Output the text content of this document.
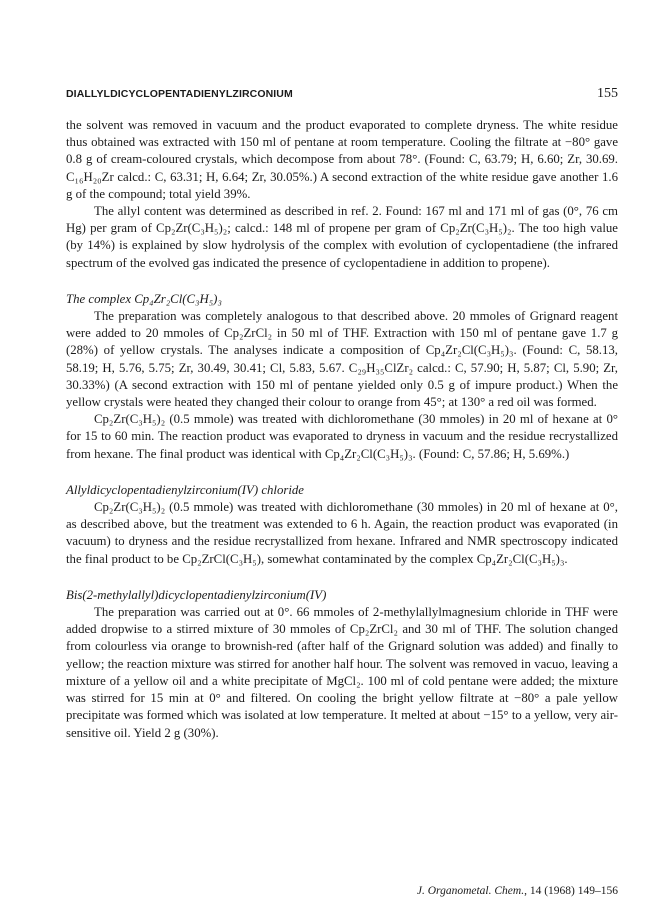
DIALLYLDICYCLOPENTADIENYLZIRCONIUM	155

the solvent was removed in vacuum and the product evaporated to complete dryness. The white residue thus obtained was extracted with 150 ml of pentane at room temperature. Cooling the filtrate at −80° gave 0.8 g of cream-coloured crystals, which decompose from about 78°. (Found: C, 63.79; H, 6.60; Zr, 30.69. C₁₆H₂₀Zr calcd.: C, 63.31; H, 6.64; Zr, 30.05%.) A second extraction of the white residue gave another 1.6 g of the compound; total yield 39%.

The allyl content was determined as described in ref. 2. Found: 167 ml and 171 ml of gas (0°, 76 cm Hg) per gram of Cp₂Zr(C₃H₅)₂; calcd.: 148 ml of propene per gram of Cp₂Zr(C₃H₅)₂. The too high value (by 14%) is explained by slow hydrolysis of the complex with evolution of cyclopentadiene (the infrared spectrum of the evolved gas indicated the presence of cyclopentadiene in addition to propene).

The complex Cp₄Zr₂Cl(C₃H₅)₃

The preparation was completely analogous to that described above. 20 mmoles of Grignard reagent were added to 20 mmoles of Cp₂ZrCl₂ in 50 ml of THF. Extraction with 150 ml of pentane gave 1.7 g (28%) of yellow crystals. The analyses indicate a composition of Cp₄Zr₂Cl(C₃H₅)₃. (Found: C, 58.13, 58.19; H, 5.76, 5.75; Zr, 30.49, 30.41; Cl, 5.83, 5.67. C₂₉H₃₅ClZr₂ calcd.: C, 57.90; H, 5.87; Cl, 5.90; Zr, 30.33%) (A second extraction with 150 ml of pentane yielded only 0.5 g of impure product.) When the yellow crystals were heated they changed their colour to orange from 45°; at 130° a red oil was formed.

Cp₂Zr(C₃H₅)₂ (0.5 mmole) was treated with dichloromethane (30 mmoles) in 20 ml of hexane at 0° for 15 to 60 min. The reaction product was evaporated to dryness in vacuum and the residue recrystallized from hexane. The final product was identical with Cp₄Zr₂Cl(C₃H₅)₃. (Found: C, 57.86; H, 5.69%.)

Allyldicyclopentadienylzirconium(IV) chloride

Cp₂Zr(C₃H₅)₂ (0.5 mmole) was treated with dichloromethane (30 mmoles) in 20 ml of hexane at 0°, as described above, but the treatment was extended to 6 h. Again, the reaction product was evaporated (in vacuum) to dryness and the residue recrystallized from hexane. Infrared and NMR spectroscopy indicated the final product to be Cp₂ZrCl(C₃H₅), somewhat contaminated by the complex Cp₄Zr₂Cl(C₃H₅)₃.

Bis(2-methylallyl)dicyclopentadienylzirconium(IV)

The preparation was carried out at 0°. 66 mmoles of 2-methylallylmagnesium chloride in THF were added dropwise to a stirred mixture of 30 mmoles of Cp₂ZrCl₂ and 30 ml of THF. The solution changed from colourless via orange to brownish-red (after half of the Grignard solution was added) and finally to yellow; the reaction mixture was stirred for another half hour. The solvent was removed in vacuo, leaving a mixture of a yellow oil and a white precipitate of MgCl₂. 100 ml of cold pentane were added; the mixture was stirred for 15 min at 0° and filtered. On cooling the bright yellow filtrate at −80° a pale yellow precipitate was formed which was isolated at low temperature. It melted at about −15° to a yellow, very air-sensitive oil. Yield 2 g (30%).

J. Organometal. Chem., 14 (1968) 149–156
